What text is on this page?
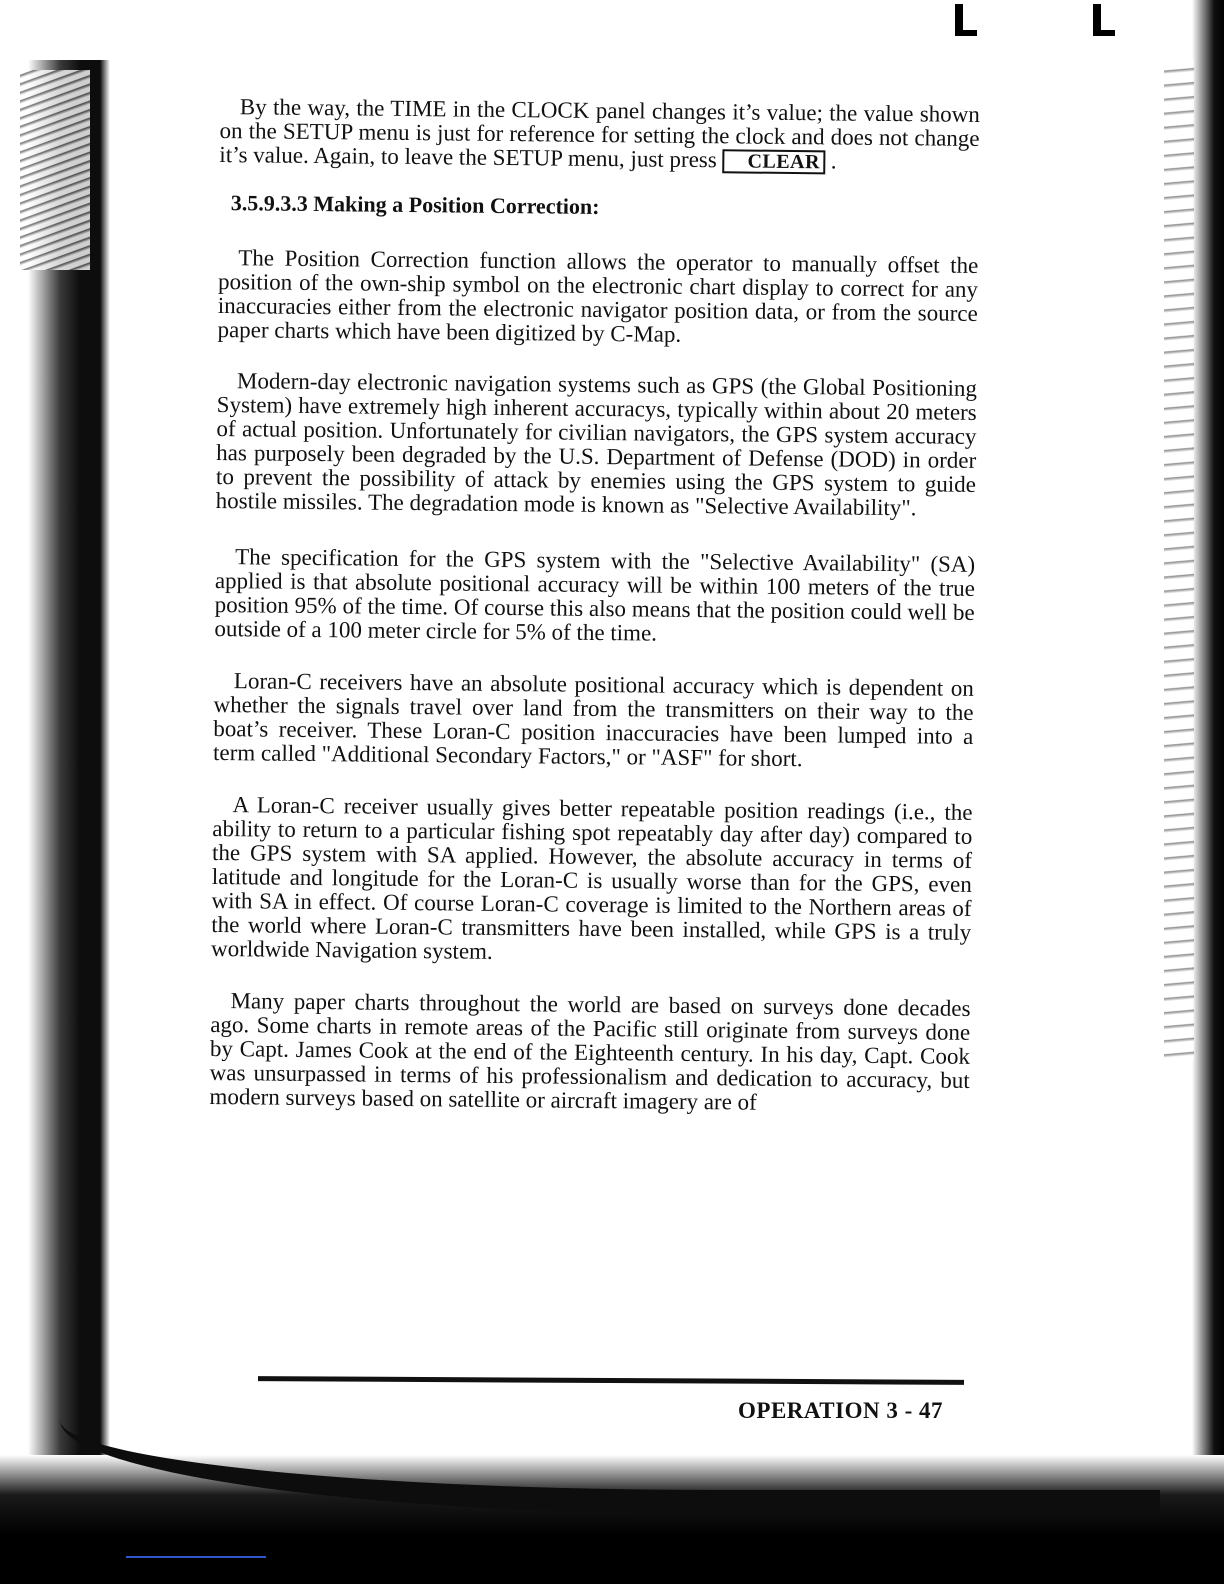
By the way, the TIME in the CLOCK panel changes it’s value; the value shown on the SETUP menu is just for reference for setting the clock and does not change it’s value. Again, to leave the SETUP menu, just press CLEAR .

3.5.9.3.3 Making a Position Correction:

The Position Correction function allows the operator to manually offset the position of the own-ship symbol on the electronic chart display to correct for any inaccuracies either from the electronic navigator position data, or from the source paper charts which have been digitized by C-Map.

Modern-day electronic navigation systems such as GPS (the Global Positioning System) have extremely high inherent accuracys, typically within about 20 meters of actual position. Unfortunately for civilian navigators, the GPS system accuracy has purposely been degraded by the U.S. Department of Defense (DOD) in order to prevent the possibility of attack by enemies using the GPS system to guide hostile missiles. The degradation mode is known as "Selective Availability".

The specification for the GPS system with the "Selective Availability" (SA) applied is that absolute positional accuracy will be within 100 meters of the true position 95% of the time. Of course this also means that the position could well be outside of a 100 meter circle for 5% of the time.

Loran-C receivers have an absolute positional accuracy which is dependent on whether the signals travel over land from the transmitters on their way to the boat’s receiver. These Loran-C position inaccuracies have been lumped into a term called "Additional Secondary Factors," or "ASF" for short.

A Loran-C receiver usually gives better repeatable position readings (i.e., the ability to return to a particular fishing spot repeatably day after day) compared to the GPS system with SA applied. However, the absolute accuracy in terms of latitude and longitude for the Loran-C is usually worse than for the GPS, even with SA in effect. Of course Loran-C coverage is limited to the Northern areas of the world where Loran-C transmitters have been installed, while GPS is a truly worldwide Navigation system.

Many paper charts throughout the world are based on surveys done decades ago. Some charts in remote areas of the Pacific still originate from surveys done by Capt. James Cook at the end of the Eighteenth century. In his day, Capt. Cook was unsurpassed in terms of his professionalism and dedication to accuracy, but modern surveys based on satellite or aircraft imagery are of

OPERATION 3 - 47
